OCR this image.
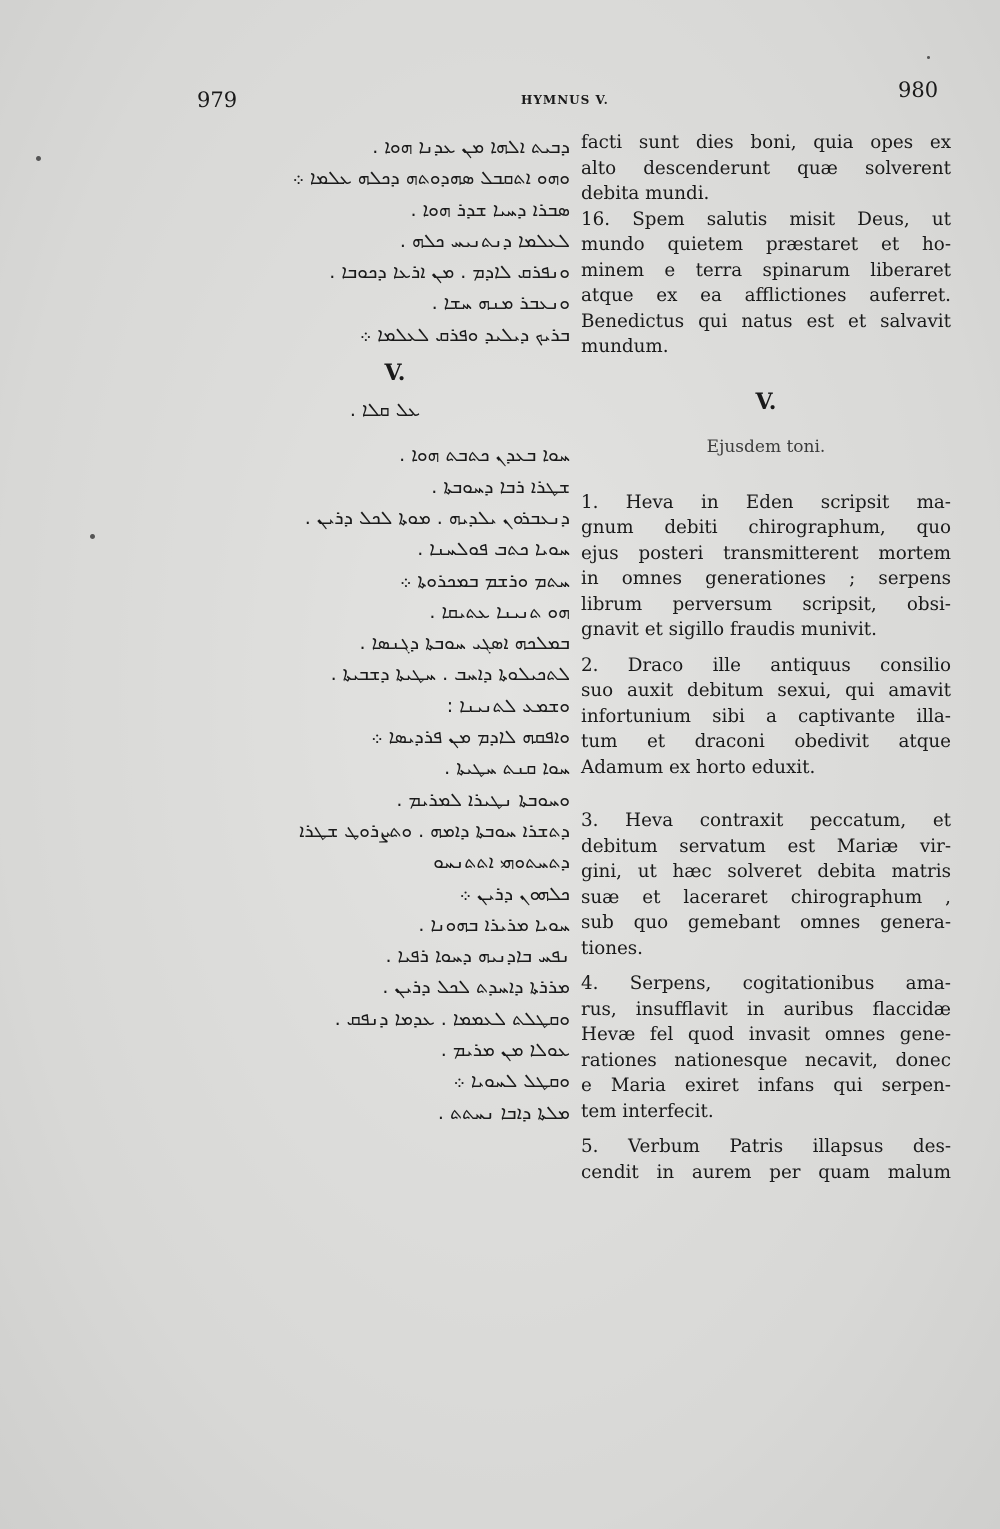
979	HYMNUS V.	980
ܕܒܝܬ ܐܠܗܐ ܡܢ ܥܕܢܐ ܗܘܐ .
ܘܗܘ ܐܬܩܒܠ ܣܗܕܘܬܗ ܕܟܠܗ ܥܠܡܐ ܀
ܣܒܪܐ ܕܚܝܐ ܫܕܪ ܗܘܐ .
ܠܥܠܡܐ ܕܢܬܢܝܚ ܟܠܗ .
ܘܢܦܪܩ ܠܐܕܡ . ܡܢ ܐܪܥܐ ܕܟܘܒܐ .
ܘܢܥܒܪ ܡܢܗ ܚܫܐ .
ܒܪܝܟ ܕܝܠܝܕ ܘܦܪܩ ܠܥܠܡܐ ܀
V.
ܥܠ ܩܠܐ .
ܚܘܐ ܒܥܕܢ ܟܬܒܬ ܗܘܐ .
ܫܛܪܐ ܪܒܐ ܕܚܘܒܬܐ .
ܕܢܥܒܪܘܢ ܝܠܕܝܗ . ܡܘܬܐ ܠܟܠ ܕܪܝܢ .
ܚܘܝܐ ܟܬܒ ܦܘܠܚܢܐ .
ܚܬܡ ܘܪܫܡ ܒܡܟܪܘܬܐ ܀
ܗܘ ܬܢܝܢܐ ܥܬܝܩܐ .
ܒܡܠܟܗ ܐܣܓܝ ܚܘܒܬܐ ܕܓܢܣܐ .
ܠܬܟܝܠܘܬܐ ܕܐܚܒ . ܚܛܝܬܐ ܕܫܒܝܬܐ .
ܘܫܡܥ ܠܬܢܝܢܐ :
ܘܐܦܩܗ ܠܐܕܡ ܡܢ ܦܪܕܝܣܐ ܀
ܚܘܐ ܩܢܬ ܚܛܝܬܐ .
ܘܚܘܒܬܐ ܢܛܝܪܐ ܠܡܪܝܡ .
ܕܬܫܪܐ ܚܘܒܬܐ ܕܐܡܗ . ܘܬܨܪܘܛ ܫܛܪܐ
ܕܬܚܬܘܗܝ ܐܬܬܢܚܘ
ܟܠܗܘܢ ܕܪܝܢ ܀
ܚܘܝܐ ܡܪܝܪܐ ܒܗܘܢܐ .
ܢܦܚ ܒܐܕܢܝܗ ܕܚܘܐ ܪܦܝܐ .
ܡܪܪܬܐ ܕܐܚܕܬ ܠܟܠ ܕܪܝܢ .
ܘܩܛܠܬ ܠܥܡܡܐ . ܥܕܡܐ ܕܢܦܩ .
ܥܘܠܐ ܡܢ ܡܪܝܡ .
ܘܩܛܠ ܠܚܘܝܐ ܀
ܡܠܬܐ ܕܐܒܐ ܢܚܬܬ .
facti sunt dies boni, quia opes ex
alto descenderunt quæ solverent
debita mundi.
16. Spem salutis misit Deus, ut
mundo quietem præstaret et ho-
minem e terra spinarum liberaret
atque ex ea afflictiones auferret.
Benedictus qui natus est et salvavit
mundum.
V.
Ejusdem toni.
1. Heva in Eden scripsit ma-
gnum debiti chirographum, quo
ejus posteri transmitterent mortem
in omnes generationes ; serpens
librum perversum scripsit, obsi-
gnavit et sigillo fraudis munivit.
2. Draco ille antiquus consilio
suo auxit debitum sexui, qui amavit
infortunium sibi a captivante illa-
tum et draconi obedivit atque
Adamum ex horto eduxit.
3. Heva contraxit peccatum, et
debitum servatum est Mariæ vir-
gini, ut hæc solveret debita matris
suæ et laceraret chirographum ,
sub quo gemebant omnes genera-
tiones.
4. Serpens, cogitationibus ama-
rus, insufflavit in auribus flaccidæ
Hevæ fel quod invasit omnes gene-
rationes nationesque necavit, donec
e Maria exiret infans qui serpen-
tem interfecit.
5. Verbum Patris illapsus des-
cendit in aurem per quam malum
